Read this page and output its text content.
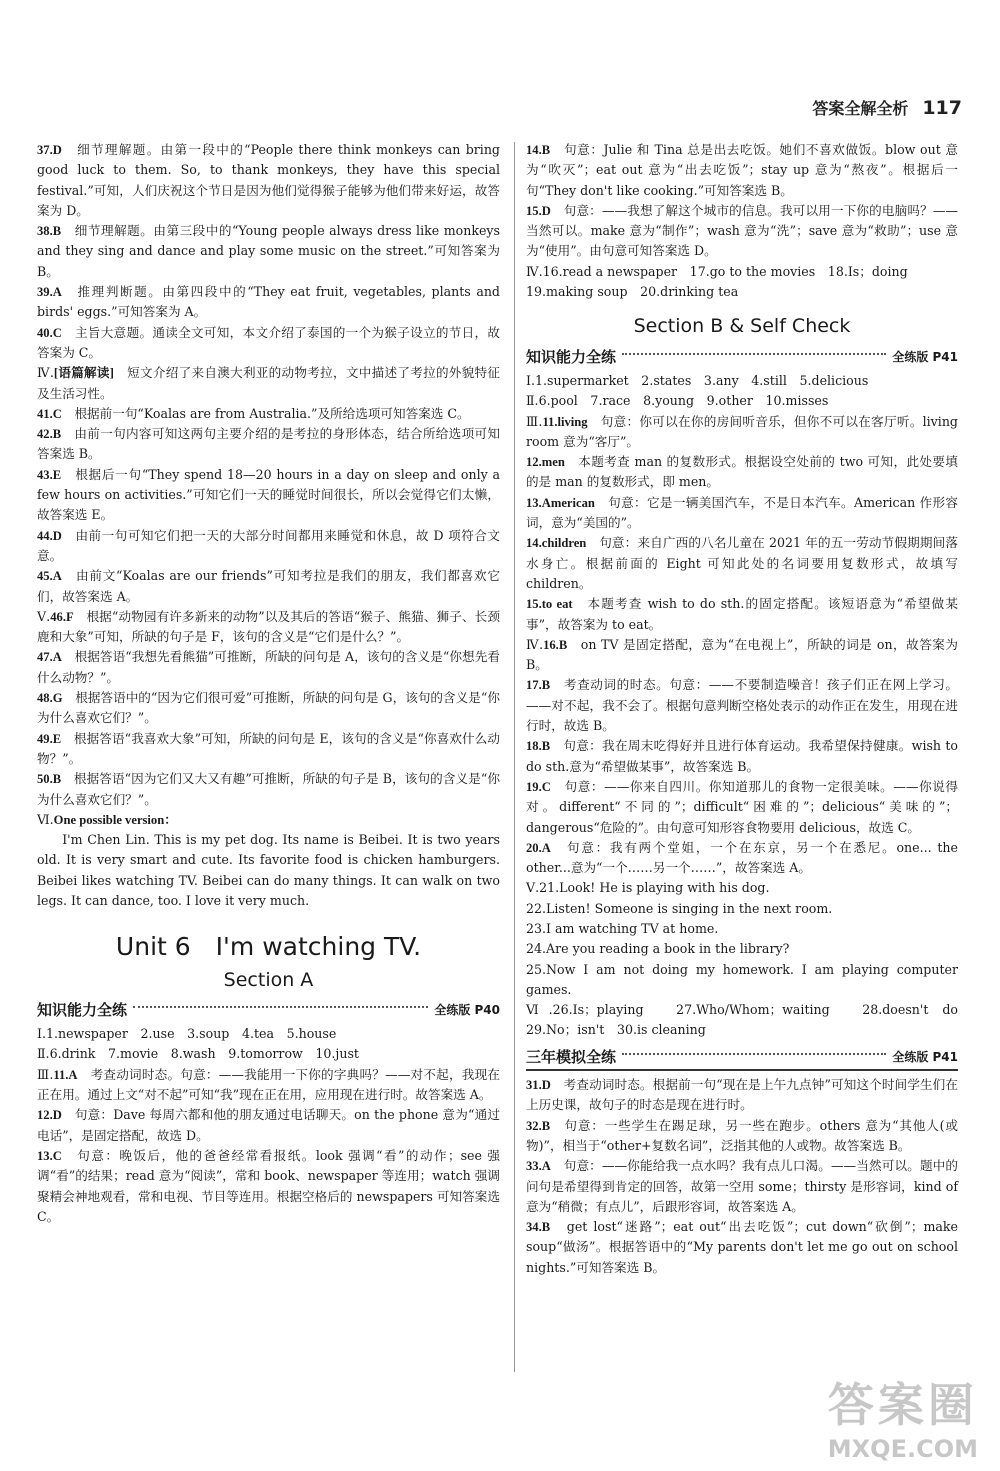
答案全解全析 117

37.D　细节理解题。由第一段中的“People there think monkeys can bring good luck to them. So, to thank monkeys, they have this special festival.”可知，人们庆祝这个节日是因为他们觉得猴子能够为他们带来好运，故答案为 D。

38.B　细节理解题。由第三段中的“Young people always dress like monkeys and they sing and dance and play some music on the street.”可知答案为 B。

39.A　推理判断题。由第四段中的“They eat fruit, vegetables, plants and birds' eggs.”可知答案为 A。

40.C　主旨大意题。通读全文可知，本文介绍了泰国的一个为猴子设立的节日，故答案为 C。

Ⅳ.[语篇解读]　短文介绍了来自澳大利亚的动物考拉，文中描述了考拉的外貌特征及生活习性。

41.C　根据前一句“Koalas are from Australia.”及所给选项可知答案选 C。

42.B　由前一句内容可知这两句主要介绍的是考拉的身形体态，结合所给选项可知答案选 B。

43.E　根据后一句“They spend 18—20 hours in a day on sleep and only a few hours on activities.”可知它们一天的睡觉时间很长，所以会觉得它们太懒，故答案选 E。

44.D　由前一句可知它们把一天的大部分时间都用来睡觉和休息，故 D 项符合文意。

45.A　由前文“Koalas are our friends”可知考拉是我们的朋友，我们都喜欢它们，故答案选 A。

Ⅴ.46.F　根据“动物园有许多新来的动物”以及其后的答语“猴子、熊猫、狮子、长颈鹿和大象”可知，所缺的句子是 F，该句的含义是“它们是什么？”。

47.A　根据答语“我想先看熊猫”可推断，所缺的问句是 A，该句的含义是“你想先看什么动物？”。

48.G　根据答语中的“因为它们很可爱”可推断，所缺的问句是 G，该句的含义是“你为什么喜欢它们？”。

49.E　根据答语“我喜欢大象”可知，所缺的问句是 E，该句的含义是“你喜欢什么动物？”。

50.B　根据答语“因为它们又大又有趣”可推断，所缺的句子是 B，该句的含义是“你为什么喜欢它们？”。

Ⅵ.One possible version：

I'm Chen Lin. This is my pet dog. Its name is Beibei. It is two years old. It is very smart and cute. Its favorite food is chicken hamburgers. Beibei likes watching TV. Beibei can do many things. It can walk on two legs. It can dance, too. I love it very much.

Unit 6　I'm watching TV.
Section A
知识能力全练	全练版 P40

Ⅰ.1.newspaper　2.use　3.soup　4.tea　5.house

Ⅱ.6.drink　7.movie　8.wash　9.tomorrow　10.just

Ⅲ.11.A　考查动词时态。句意：——我能用一下你的字典吗？——对不起，我现在正在用。通过上文“对不起”可知“我”现在正在用，应用现在进行时。故答案选 A。

12.D　句意：Dave 每周六都和他的朋友通过电话聊天。on the phone 意为“通过电话”，是固定搭配，故选 D。

13.C　句意：晚饭后，他的爸爸经常看报纸。look 强调“看”的动作；see 强调“看”的结果；read 意为“阅读”，常和 book、newspaper 等连用；watch 强调聚精会神地观看，常和电视、节目等连用。根据空格后的 newspapers 可知答案选 C。

14.B　句意：Julie 和 Tina 总是出去吃饭。她们不喜欢做饭。blow out 意为“吹灭”；eat out 意为“出去吃饭”；stay up 意为“熬夜”。根据后一句“They don't like cooking.”可知答案选 B。

15.D　句意：——我想了解这个城市的信息。我可以用一下你的电脑吗？——当然可以。make 意为“制作”；wash 意为“洗”；save 意为“救助”；use 意为“使用”。由句意可知答案选 D。

Ⅳ.16.read a newspaper　17.go to the movies　18.Is；doing

19.making soup　20.drinking tea

Section B & Self Check
知识能力全练	全练版 P41

Ⅰ.1.supermarket　2.states　3.any　4.still　5.delicious

Ⅱ.6.pool　7.race　8.young　9.other　10.misses

Ⅲ.11.living　句意：你可以在你的房间听音乐，但你不可以在客厅听。living room 意为“客厅”。

12.men　本题考查 man 的复数形式。根据设空处前的 two 可知，此处要填的是 man 的复数形式，即 men。

13.American　句意：它是一辆美国汽车，不是日本汽车。American 作形容词，意为“美国的”。

14.children　句意：来自广西的八名儿童在 2021 年的五一劳动节假期期间落水身亡。根据前面的 Eight 可知此处的名词要用复数形式，故填写 children。

15.to eat　本题考查 wish to do sth.的固定搭配。该短语意为“希望做某事”，故答案为 to eat。

Ⅳ.16.B　on TV 是固定搭配，意为“在电视上”，所缺的词是 on，故答案为 B。

17.B　考查动词的时态。句意：——不要制造噪音！孩子们正在网上学习。——对不起，我不会了。根据句意判断空格处表示的动作正在发生，用现在进行时，故选 B。

18.B　句意：我在周末吃得好并且进行体育运动。我希望保持健康。wish to do sth.意为“希望做某事”，故答案选 B。

19.C　句意：——你来自四川。你知道那儿的食物一定很美味。——你说得对。different“不同的”；difficult“困难的”；delicious“美味的”；dangerous“危险的”。由句意可知形容食物要用 delicious，故选 C。

20.A　句意：我有两个堂姐，一个在东京，另一个在悉尼。one... the other...意为“一个……另一个……”，故答案选 A。

Ⅴ.21.Look! He is playing with his dog.

22.Listen! Someone is singing in the next room.

23.I am watching TV at home.

24.Are you reading a book in the library?

25.Now I am not doing my homework. I am playing computer games.

Ⅵ.26.Is；playing　27.Who/Whom；waiting　28.doesn't do　29.No；isn't　30.is cleaning

三年模拟全练	全练版 P41

31.D　考查动词时态。根据前一句“现在是上午九点钟”可知这个时间学生们在上历史课，故句子的时态是现在进行时。

32.B　句意：一些学生在踢足球，另一些在跑步。others 意为“其他人(或物)”，相当于“other+复数名词”，泛指其他的人或物。故答案选 B。

33.A　句意：——你能给我一点水吗？我有点儿口渴。——当然可以。题中的问句是希望得到肯定的回答，故第一空用 some；thirsty 是形容词，kind of 意为“稍微；有点儿”，后跟形容词，故答案选 A。

34.B　get lost“迷路”；eat out“出去吃饭”；cut down“砍倒”；make soup“做汤”。根据答语中的“My parents don't let me go out on school nights.”可知答案选 B。

答案圈
MXQE.COM
